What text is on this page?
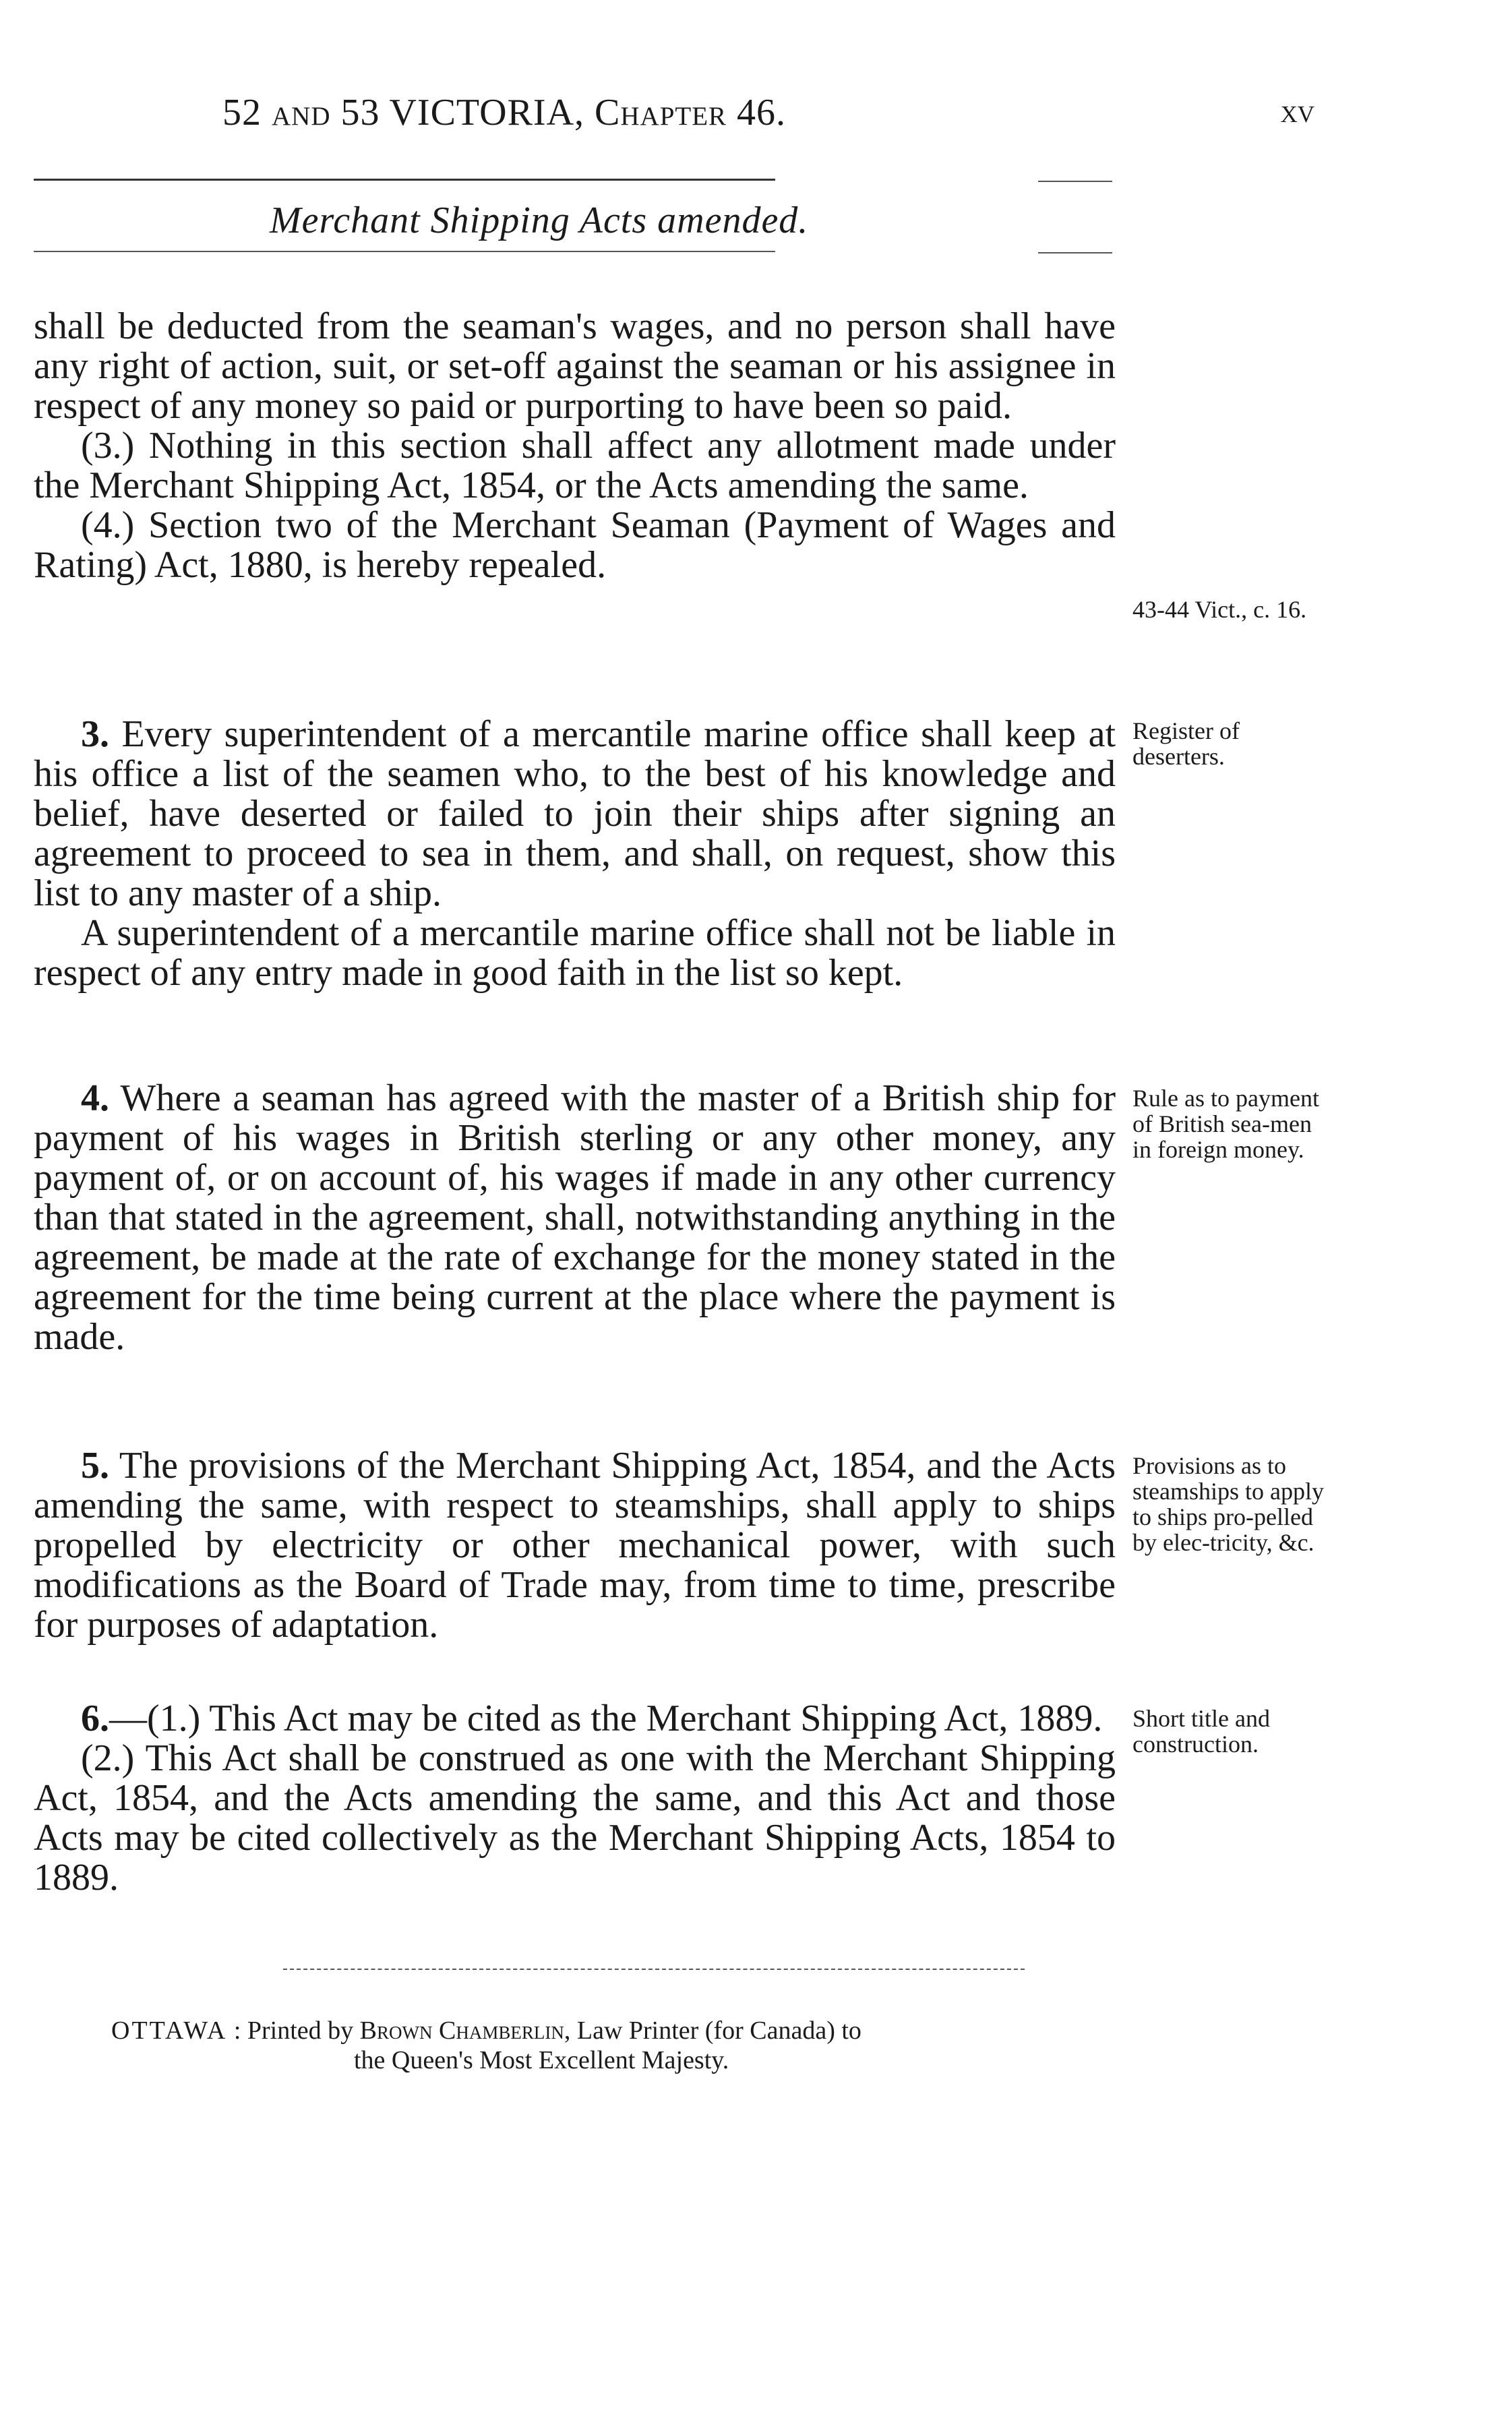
52 and 53 VICTORIA, Chapter 46.	xv
Merchant Shipping Acts amended.

shall be deducted from the seaman's wages, and no person shall have any right of action, suit, or set-off against the seaman or his assignee in respect of any money so paid or purporting to have been so paid.

(3.) Nothing in this section shall affect any allotment made under the Merchant Shipping Act, 1854, or the Acts amending the same.

(4.) Section two of the Merchant Seaman (Payment of Wages and Rating) Act, 1880, is hereby repealed.

43-44 Vict., c. 16.

3. Every superintendent of a mercantile marine office shall keep at his office a list of the seamen who, to the best of his knowledge and belief, have deserted or failed to join their ships after signing an agreement to proceed to sea in them, and shall, on request, show this list to any master of a ship.

A superintendent of a mercantile marine office shall not be liable in respect of any entry made in good faith in the list so kept.

Register of deserters.

4. Where a seaman has agreed with the master of a British ship for payment of his wages in British sterling or any other money, any payment of, or on account of, his wages if made in any other currency than that stated in the agreement, shall, notwithstanding anything in the agreement, be made at the rate of exchange for the money stated in the agreement for the time being current at the place where the payment is made.

Rule as to payment of British sea-men in foreign money.

5. The provisions of the Merchant Shipping Act, 1854, and the Acts amending the same, with respect to steamships, shall apply to ships propelled by electricity or other mechanical power, with such modifications as the Board of Trade may, from time to time, prescribe for purposes of adaptation.

Provisions as to steamships to apply to ships pro-pelled by elec-tricity, &c.

6.—(1.) This Act may be cited as the Merchant Shipping Act, 1889.

(2.) This Act shall be construed as one with the Merchant Shipping Act, 1854, and the Acts amending the same, and this Act and those Acts may be cited collectively as the Merchant Shipping Acts, 1854 to 1889.

Short title and construction.
OTTAWA : Printed by Brown Chamberlin, Law Printer (for Canada) to
the Queen's Most Excellent Majesty.
